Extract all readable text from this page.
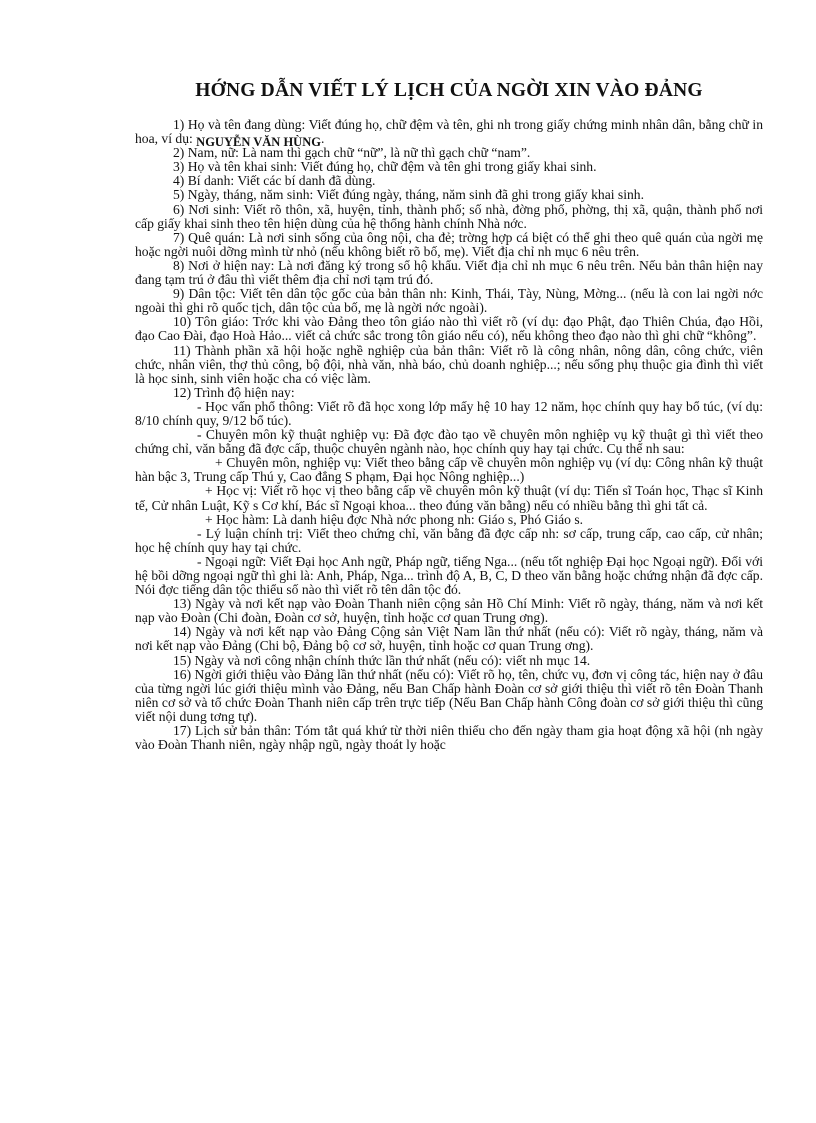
HỚNG DẪN VIẾT LÝ LỊCH CỦA NGỜI XIN VÀO ĐẢNG

1) Họ và tên đang dùng: Viết đúng họ, chữ đệm và tên, ghi nh trong giấy chứng minh nhân dân, bằng chữ in hoa, ví dụ: NGUYỄN VĂN HÙNG.

2) Nam, nữ: Là nam thì gạch chữ “nữ”, là nữ thì gạch chữ “nam”.

3) Họ và tên khai sinh: Viết đúng họ, chữ đệm và tên ghi trong giấy khai sinh.

4) Bí danh: Viết các bí danh đã dùng.

5) Ngày, tháng, năm sinh: Viết đúng ngày, tháng, năm sinh đã ghi trong giấy khai sinh.

6) Nơi sinh: Viết rõ thôn, xã, huyện, tỉnh, thành phố; số nhà, đờng phố, phờng, thị xã, quận, thành phố nơi cấp giấy khai sinh theo tên hiện dùng của hệ thống hành chính Nhà nớc.

7) Quê quán: Là nơi sinh sống của ông nội, cha đẻ; trờng hợp cá biệt có thể ghi theo quê quán của ngời mẹ hoặc ngời nuôi dỡng mình từ nhỏ (nếu không biết rõ bố, mẹ). Viết địa chỉ nh mục 6 nêu trên.

8) Nơi ở hiện nay: Là nơi đăng ký trong sổ hộ khẩu. Viết địa chỉ nh mục 6 nêu trên. Nếu bản thân hiện nay đang tạm trú ở đâu thì viết thêm địa chỉ nơi tạm trú đó.

9) Dân tộc: Viết tên dân tộc gốc của bản thân nh: Kinh, Thái, Tày, Nùng, Mờng... (nếu là con lai ngời nớc ngoài thì ghi rõ quốc tịch, dân tộc của bố, mẹ là ngời nớc ngoài).

10) Tôn giáo: Trớc khi vào Đảng theo tôn giáo nào thì viết rõ (ví dụ: đạo Phật, đạo Thiên Chúa, đạo Hồi, đạo Cao Đài, đạo Hoà Hảo... viết cả chức sắc trong tôn giáo nếu có), nếu không theo đạo nào thì ghi chữ “không”.

11) Thành phần xã hội hoặc nghề nghiệp của bản thân: Viết rõ là công nhân, nông dân, công chức, viên chức, nhân viên, thợ thủ công, bộ đội, nhà văn, nhà báo, chủ doanh nghiệp...; nếu sống phụ thuộc gia đình thì viết là học sinh, sinh viên hoặc cha có việc làm.

12) Trình độ hiện nay:

- Học vấn phổ thông: Viết rõ đã học xong lớp mấy hệ 10 hay 12 năm, học chính quy hay bổ túc, (ví dụ: 8/10 chính quy, 9/12 bổ túc).

- Chuyên môn kỹ thuật nghiệp vụ: Đã đợc đào tạo về chuyên môn nghiệp vụ kỹ thuật gì thì viết theo chứng chỉ, văn bằng đã đợc cấp, thuộc chuyên ngành nào, học chính quy hay tại chức. Cụ thể nh sau:

+ Chuyên môn, nghiệp vụ: Viết theo bằng cấp về chuyên môn nghiệp vụ (ví dụ: Công nhân kỹ thuật hàn bậc 3, Trung cấp Thú y, Cao đẳng S phạm, Đại học Nông nghiệp...)

+ Học vị: Viết rõ học vị theo bằng cấp về chuyên môn kỹ thuật (ví dụ: Tiến sĩ Toán học, Thạc sĩ Kinh tế, Cử nhân Luật, Kỹ s Cơ khí, Bác sĩ Ngoại khoa... theo đúng văn bằng) nếu có nhiều bằng thì ghi tất cả.

+ Học hàm: Là danh hiệu đợc Nhà nớc phong nh: Giáo s, Phó Giáo s.

- Lý luận chính trị: Viết theo chứng chỉ, văn bằng đã đợc cấp nh: sơ cấp, trung cấp, cao cấp, cử nhân; học hệ chính quy hay tại chức.

- Ngoại ngữ: Viết Đại học Anh ngữ, Pháp ngữ, tiếng Nga... (nếu tốt nghiệp Đại học Ngoại ngữ). Đối với hệ bồi dỡng ngoại ngữ thì ghi là: Anh, Pháp, Nga... trình độ A, B, C, D theo văn bằng hoặc chứng nhận đã đợc cấp. Nói đợc tiếng dân tộc thiểu số nào thì viết rõ tên dân tộc đó.

13) Ngày và nơi kết nạp vào Đoàn Thanh niên cộng sản Hồ Chí Minh: Viết rõ ngày, tháng, năm và nơi kết nạp vào Đoàn (Chi đoàn, Đoàn cơ sở, huyện, tỉnh hoặc cơ quan Trung ơng).

14) Ngày và nơi kết nạp vào Đảng Cộng sản Việt Nam lần thứ nhất (nếu có): Viết rõ ngày, tháng, năm và nơi kết nạp vào Đảng (Chi bộ, Đảng bộ cơ sở, huyện, tỉnh hoặc cơ quan Trung ơng).

15) Ngày và nơi công nhận chính thức lần thứ nhất (nếu có): viết nh mục 14.

16) Ngời giới thiệu vào Đảng lần thứ nhất (nếu có): Viết rõ họ, tên, chức vụ, đơn vị công tác, hiện nay ở đâu của từng ngời lúc giới thiệu mình vào Đảng, nếu Ban Chấp hành Đoàn cơ sở giới thiệu thì viết rõ tên Đoàn Thanh niên cơ sở và tổ chức Đoàn Thanh niên cấp trên trực tiếp (Nếu Ban Chấp hành Công đoàn cơ sở giới thiệu thì cũng viết nội dung tơng tự).

17) Lịch sử bản thân: Tóm tắt quá khứ từ thời niên thiếu cho đến ngày tham gia hoạt động xã hội (nh ngày vào Đoàn Thanh niên, ngày nhập ngũ, ngày thoát ly hoặc
